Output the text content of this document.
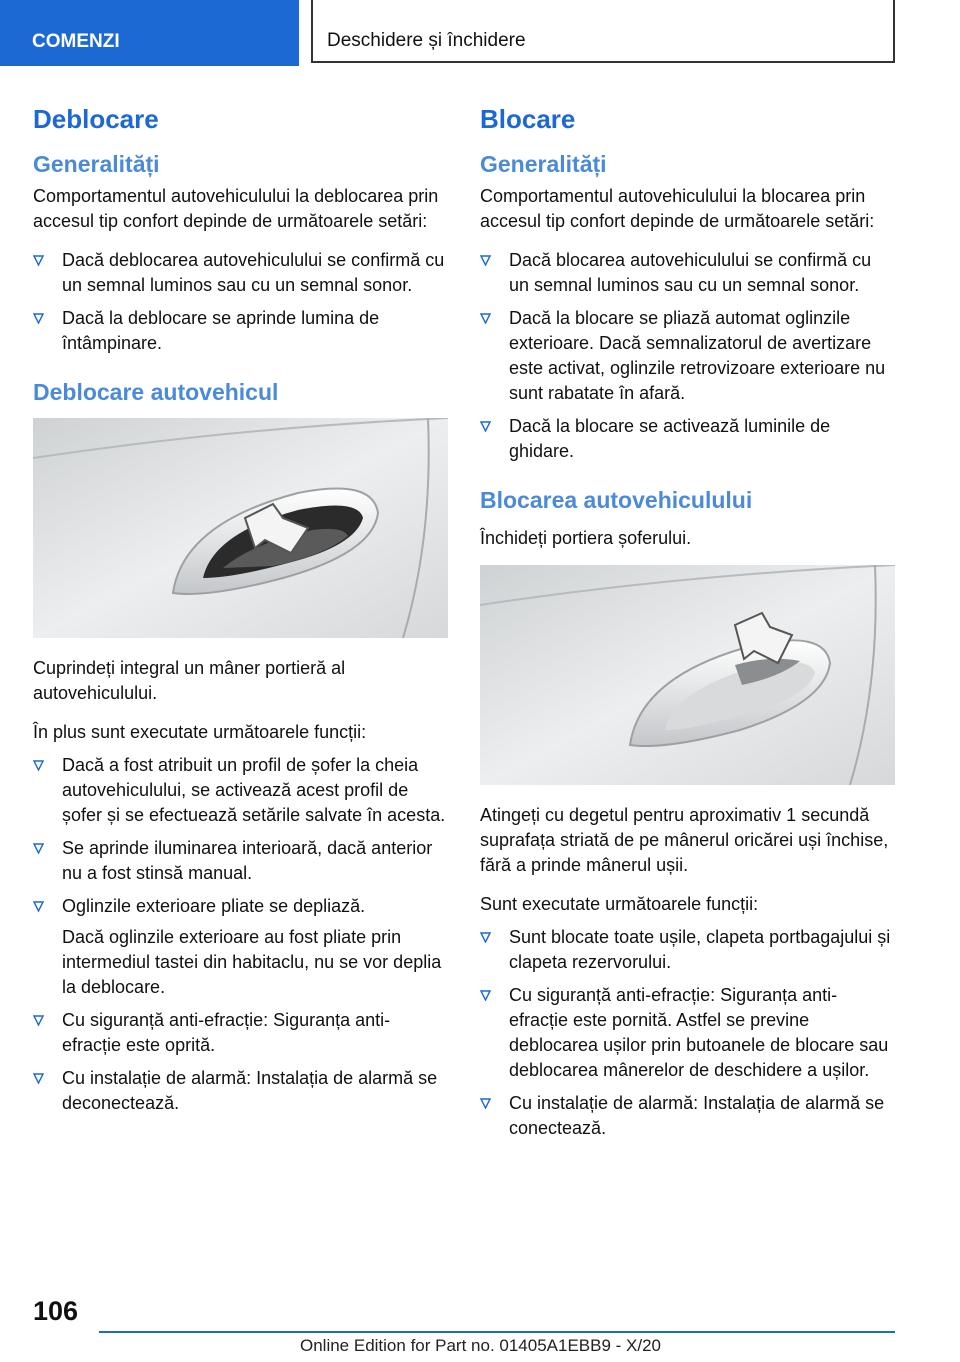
COMENZI	Deschidere și închidere
Deblocare
Generalități

Comportamentul autovehiculului la deblocarea prin accesul tip confort depinde de următoarele setări:

Dacă deblocarea autovehiculului se confirmă cu un semnal luminos sau cu un semnal sonor.
Dacă la deblocare se aprinde lumina de întâmpinare.
Deblocare autovehicul

Cuprindeți integral un mâner portieră al autovehiculului.

În plus sunt executate următoarele funcții:

Dacă a fost atribuit un profil de șofer la cheia autovehiculului, se activează acest profil de șofer și se efectuează setările salvate în acesta.
Se aprinde iluminarea interioară, dacă anterior nu a fost stinsă manual.
Oglinzile exterioare pliate se depliază.

Dacă oglinzile exterioare au fost pliate prin intermediul tastei din habitaclu, nu se vor deplia la deblocare.

Cu siguranță anti-efracție: Siguranța anti-efracție este oprită.
Cu instalație de alarmă: Instalația de alarmă se deconectează.
Blocare
Generalități

Comportamentul autovehiculului la blocarea prin accesul tip confort depinde de următoarele setări:

Dacă blocarea autovehiculului se confirmă cu un semnal luminos sau cu un semnal sonor.
Dacă la blocare se pliază automat oglinzile exterioare. Dacă semnalizatorul de avertizare este activat, oglinzile retrovizoare exterioare nu sunt rabatate în afară.
Dacă la blocare se activează luminile de ghidare.
Blocarea autovehiculului

Închideți portiera șoferului.

Atingeți cu degetul pentru aproximativ 1 secundă suprafața striată de pe mânerul oricărei uși închise, fără a prinde mânerul ușii.

Sunt executate următoarele funcții:

Sunt blocate toate ușile, clapeta portbagajului și clapeta rezervorului.
Cu siguranță anti-efracție: Siguranța anti-efracție este pornită. Astfel se previne deblocarea ușilor prin butoanele de blocare sau deblocarea mânerelor de deschidere a ușilor.
Cu instalație de alarmă: Instalația de alarmă se conectează.
106
Online Edition for Part no. 01405A1EBB9 - X/20
